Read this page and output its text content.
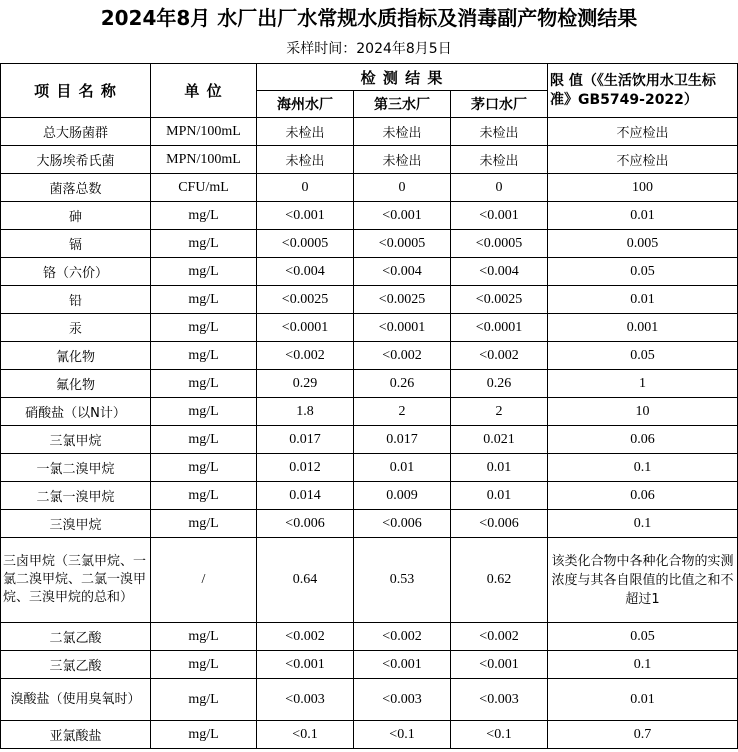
2024年8月 水厂出厂水常规水质指标及消毒副产物检测结果
采样时间：2024年8月5日
项 目 名 称	单 位	检 测 结 果			限 值（《生活饮用水卫生标准》GB5749-2022）
		海州水厂	第三水厂	茅口水厂	
总大肠菌群	MPN/100mL	未检出	未检出	未检出	不应检出
大肠埃希氏菌	MPN/100mL	未检出	未检出	未检出	不应检出
菌落总数	CFU/mL	0	0	0	100
砷	mg/L	<0.001	<0.001	<0.001	0.01
镉	mg/L	<0.0005	<0.0005	<0.0005	0.005
铬（六价）	mg/L	<0.004	<0.004	<0.004	0.05
铅	mg/L	<0.0025	<0.0025	<0.0025	0.01
汞	mg/L	<0.0001	<0.0001	<0.0001	0.001
氰化物	mg/L	<0.002	<0.002	<0.002	0.05
氟化物	mg/L	0.29	0.26	0.26	1
硝酸盐（以N计）	mg/L	1.8	2	2	10
三氯甲烷	mg/L	0.017	0.017	0.021	0.06
一氯二溴甲烷	mg/L	0.012	0.01	0.01	0.1
二氯一溴甲烷	mg/L	0.014	0.009	0.01	0.06
三溴甲烷	mg/L	<0.006	<0.006	<0.006	0.1
三卤甲烷（三氯甲烷、一氯二溴甲烷、二氯一溴甲烷、三溴甲烷的总和）	/	0.64	0.53	0.62	该类化合物中各种化合物的实测浓度与其各自限值的比值之和不超过1
二氯乙酸	mg/L	<0.002	<0.002	<0.002	0.05
三氯乙酸	mg/L	<0.001	<0.001	<0.001	0.1
溴酸盐（使用臭氧时）	mg/L	<0.003	<0.003	<0.003	0.01
亚氯酸盐	mg/L	<0.1	<0.1	<0.1	0.7
